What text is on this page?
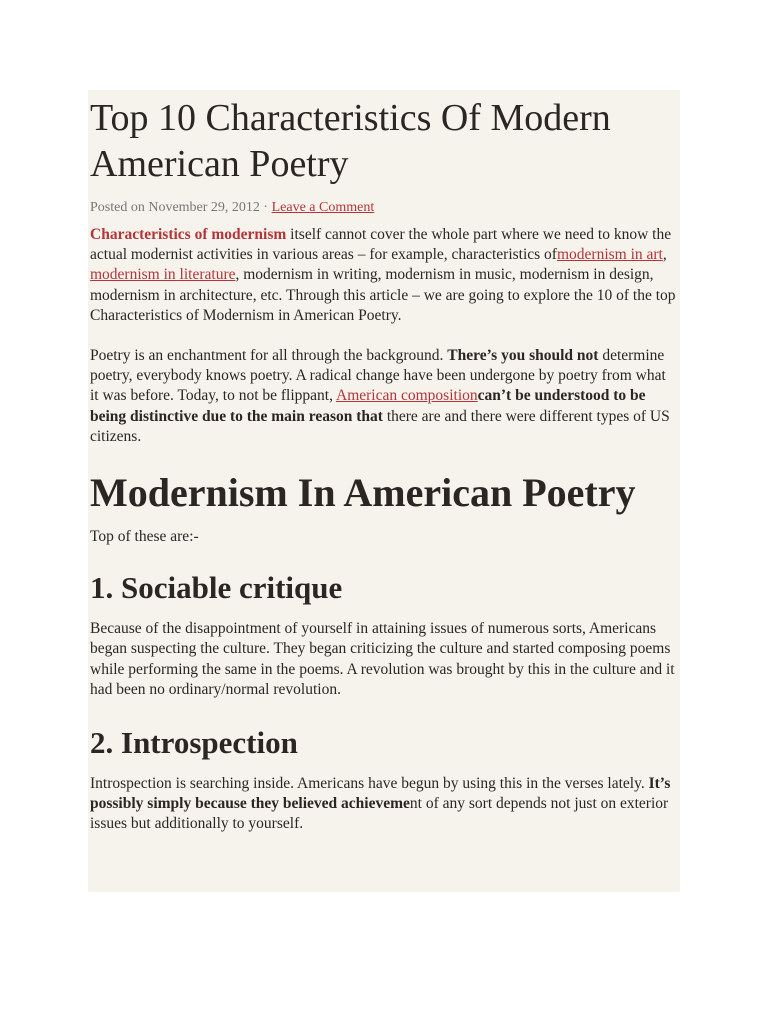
Top 10 Characteristics Of Modern American Poetry
Posted on November 29, 2012 · Leave a Comment

Characteristics of modernism itself cannot cover the whole part where we need to know the actual modernist activities in various areas – for example, characteristics ofmodernism in art, modernism in literature, modernism in writing, modernism in music, modernism in design, modernism in architecture, etc. Through this article – we are going to explore the 10 of the top Characteristics of Modernism in American Poetry.

Poetry is an enchantment for all through the background. There’s you should not determine poetry, everybody knows poetry. A radical change have been undergone by poetry from what it was before. Today, to not be flippant, American compositioncan’t be understood to be being distinctive due to the main reason that there are and there were different types of US citizens.

Modernism In American Poetry

Top of these are:-

1. Sociable critique

Because of the disappointment of yourself in attaining issues of numerous sorts, Americans began suspecting the culture. They began criticizing the culture and started composing poems while performing the same in the poems. A revolution was brought by this in the culture and it had been no ordinary/normal revolution.

2. Introspection

Introspection is searching inside. Americans have begun by using this in the verses lately. It’s possibly simply because they believed achievement of any sort depends not just on exterior issues but additionally to yourself.
